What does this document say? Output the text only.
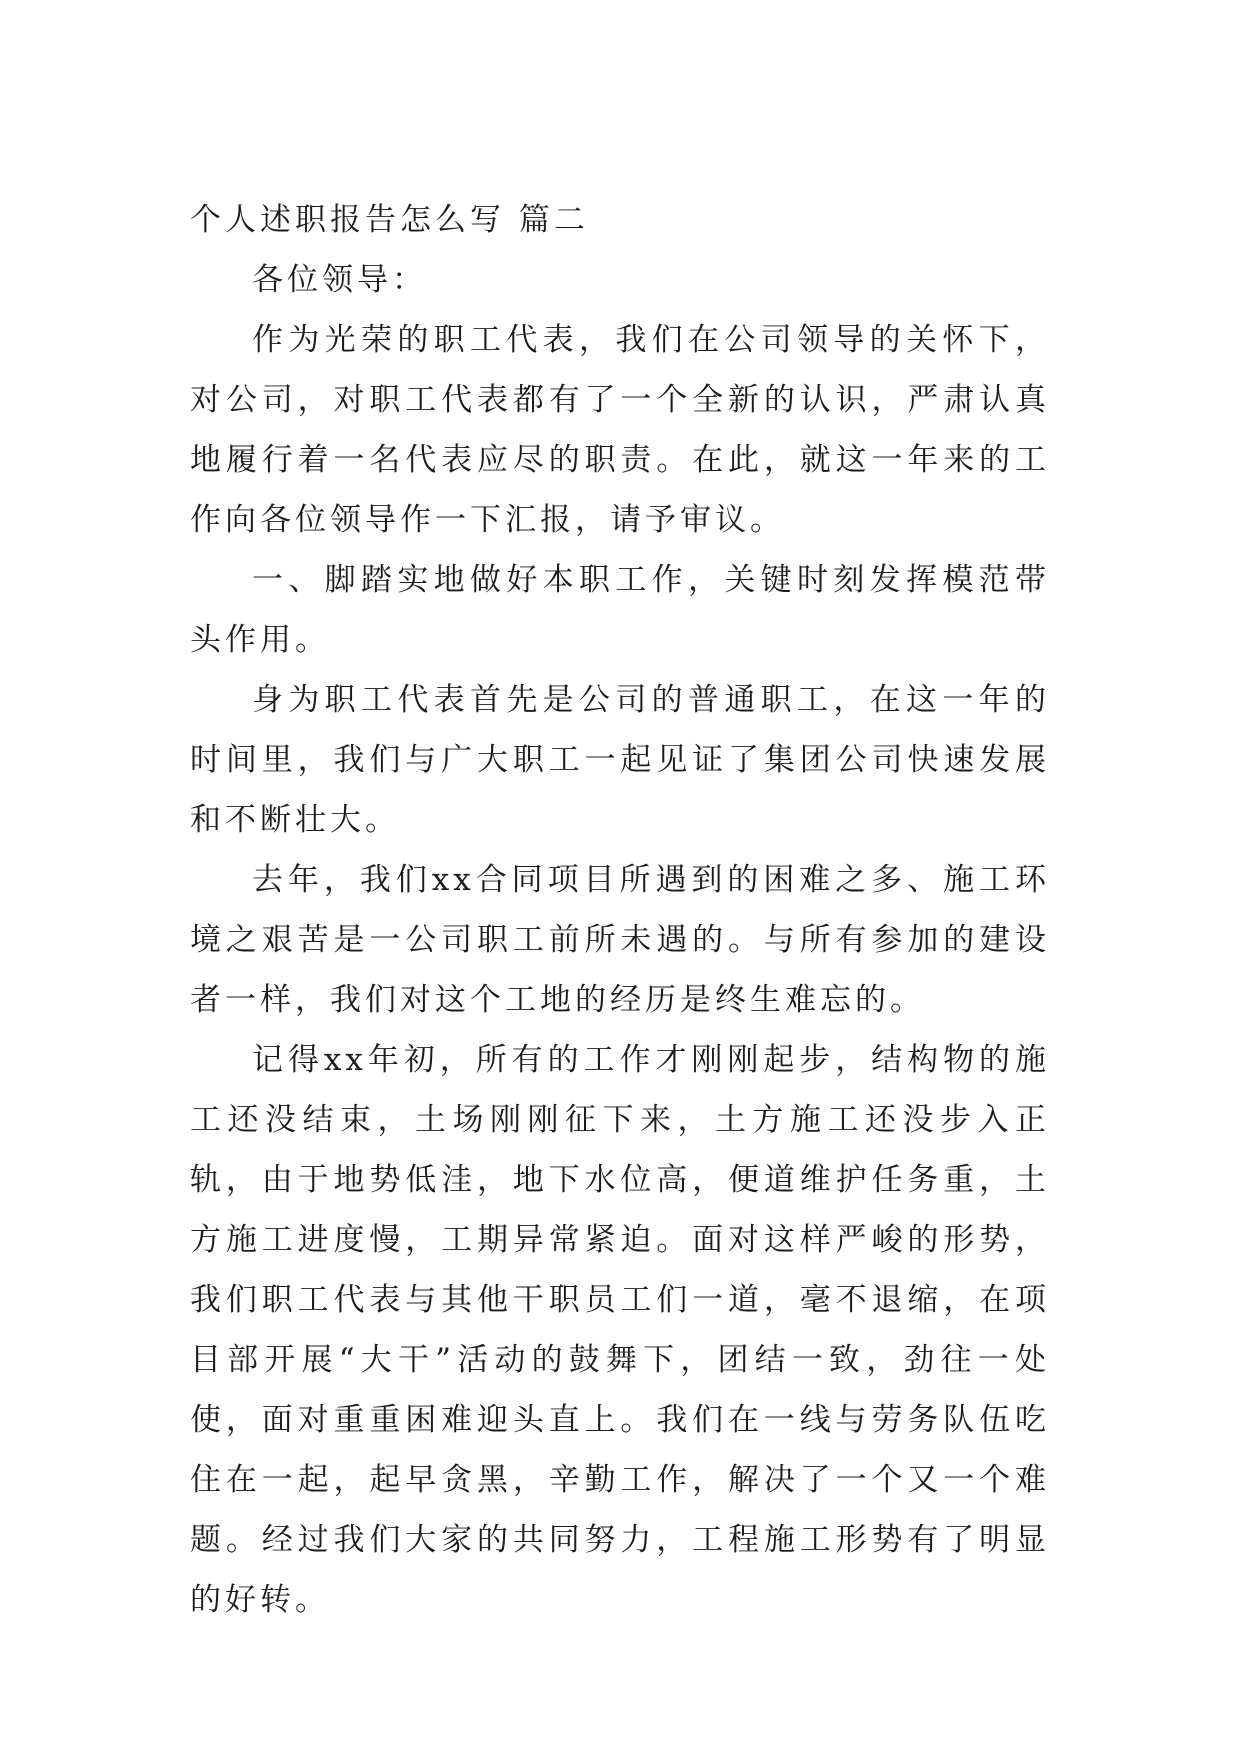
个人述职报告怎么写 篇二

各位领导：

作为光荣的职工代表，我们在公司领导的关怀下，对公司，对职工代表都有了一个全新的认识，严肃认真地履行着一名代表应尽的职责。在此，就这一年来的工作向各位领导作一下汇报，请予审议。

一、脚踏实地做好本职工作，关键时刻发挥模范带头作用。

身为职工代表首先是公司的普通职工，在这一年的时间里，我们与广大职工一起见证了集团公司快速发展和不断壮大。

去年，我们xx合同项目所遇到的困难之多、施工环境之艰苦是一公司职工前所未遇的。与所有参加的建设者一样，我们对这个工地的经历是终生难忘的。

记得xx年初，所有的工作才刚刚起步，结构物的施工还没结束，土场刚刚征下来，土方施工还没步入正轨，由于地势低洼，地下水位高，便道维护任务重，土方施工进度慢，工期异常紧迫。面对这样严峻的形势，我们职工代表与其他干职员工们一道，毫不退缩，在项目部开展“大干”活动的鼓舞下，团结一致，劲往一处使，面对重重困难迎头直上。我们在一线与劳务队伍吃住在一起，起早贪黑，辛勤工作，解决了一个又一个难题。经过我们大家的共同努力，工程施工形势有了明显的好转。
